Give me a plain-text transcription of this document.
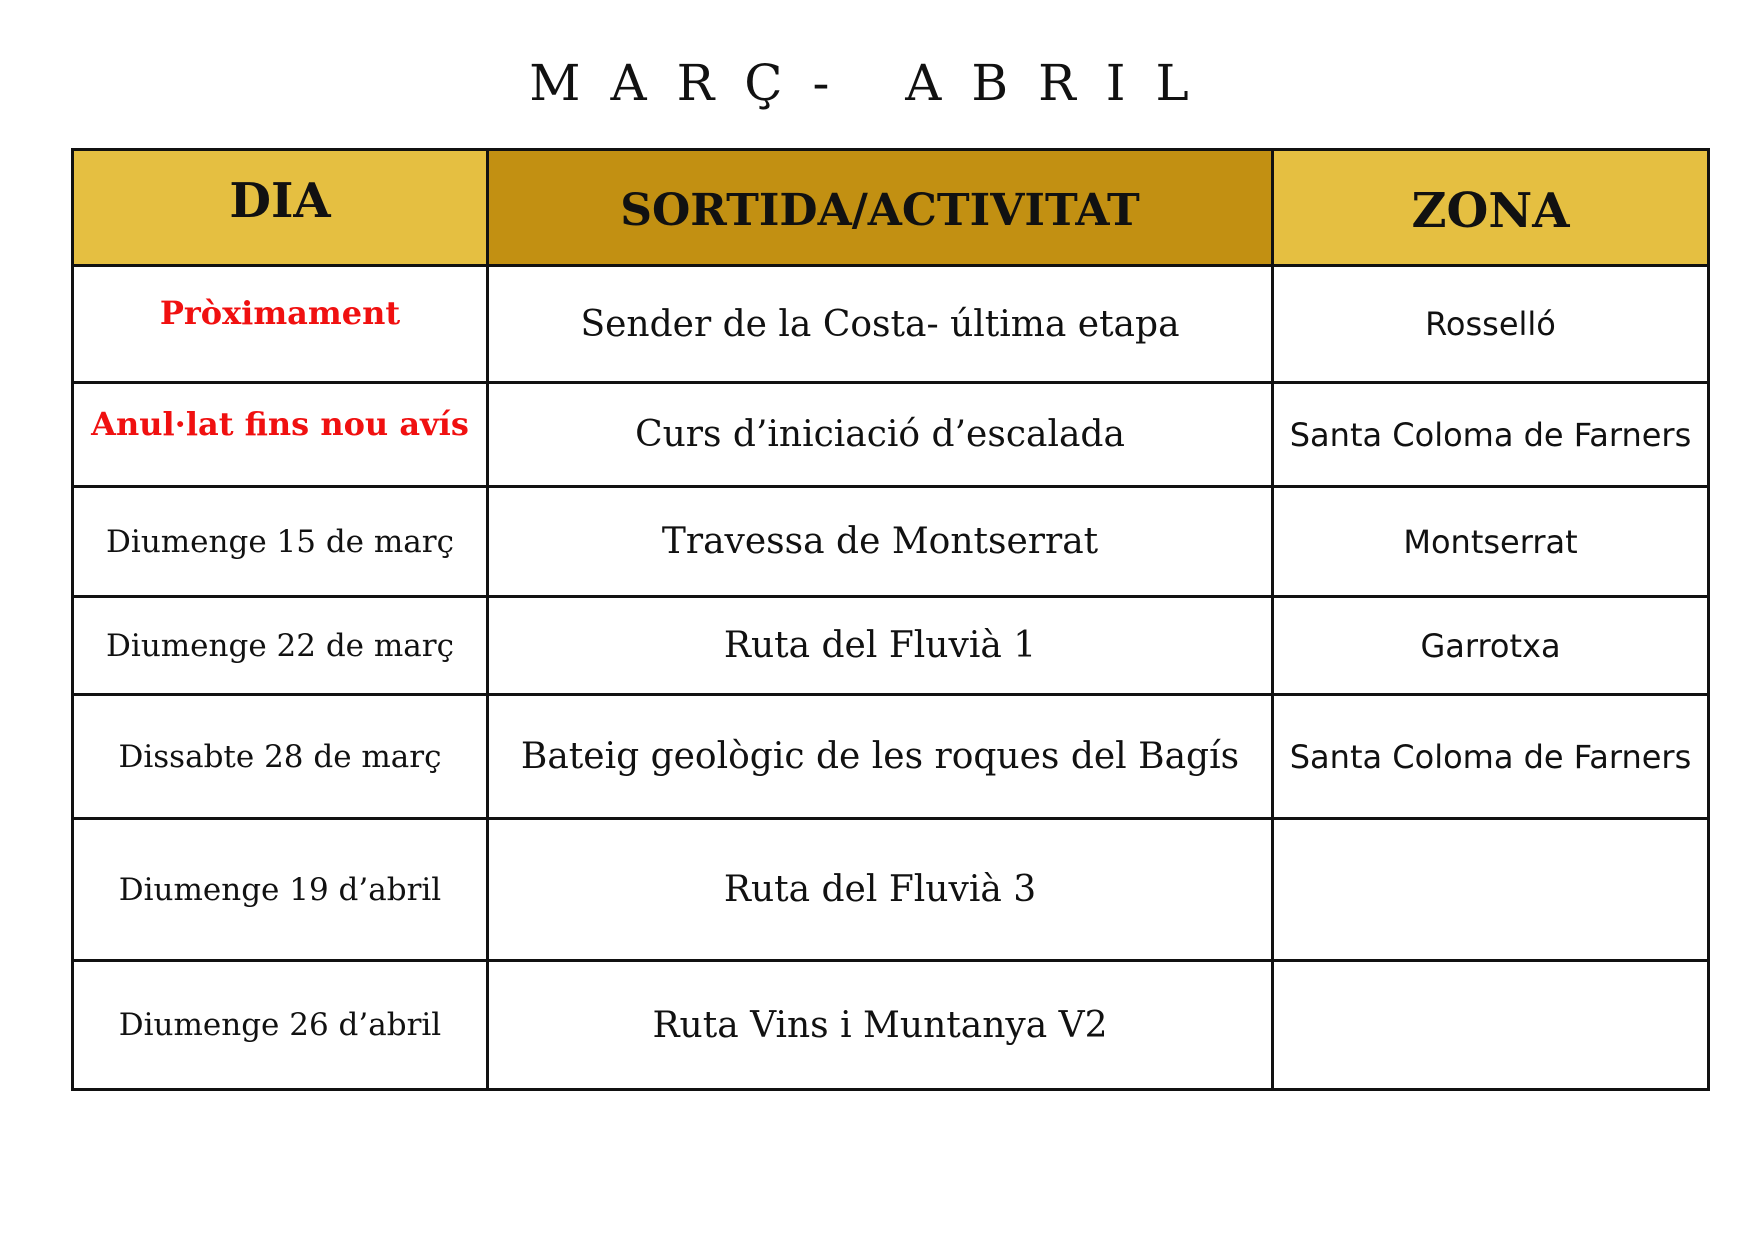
MARÇ- ABRIL
DIA	SORTIDA/ACTIVITAT	ZONA
Pròximament	Sender de la Costa- última etapa	Rosselló
Anul·lat fins nou avís	Curs d’iniciació d’escalada	Santa Coloma de Farners
Diumenge 15 de març	Travessa de Montserrat	Montserrat
Diumenge 22 de març	Ruta del Fluvià 1	Garrotxa
Dissabte 28 de març	Bateig geològic de les roques del Bagís	Santa Coloma de Farners
Diumenge 19 d’abril	Ruta del Fluvià 3	
Diumenge 26 d’abril	Ruta Vins i Muntanya V2	
